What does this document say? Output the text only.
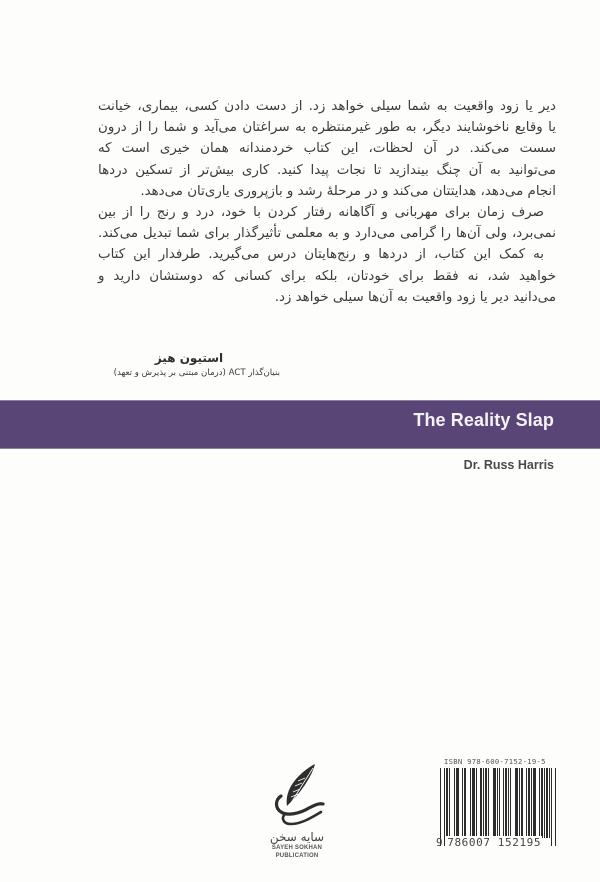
دیر یا زود واقعیت به شما سیلی خواهد زد. از دست دادن کسی، بیماری، خیانت
یا وقایع ناخوشایند دیگر، به طور غیرمنتظره به سراغتان می‌آید و شما را از درون
سست می‌کند. در آن لحظات، این کتاب خردمندانه همان خیری است که
می‌توانید به آن چنگ بیندازید تا نجات پیدا کنید. کاری بیش‌تر از تسکین دردها
انجام می‌دهد، هدایتتان می‌کند و در مرحلهٔ رشد و بازپروری یاری‌تان می‌دهد.
صرف زمان برای مهربانی و آگاهانه رفتار کردن با خود، درد و رنج را از بین
نمی‌برد، ولی آن‌ها را گرامی می‌دارد و به معلمی تأثیرگذار برای شما تبدیل می‌کند.
به کمک این کتاب، از دردها و رنج‌هایتان درس می‌گیرید. طرفدار این کتاب
خواهید شد، نه فقط برای خودتان، بلکه برای کسانی که دوستشان دارید و
می‌دانید دیر یا زود واقعیت به آن‌ها سیلی خواهد زد.
استیون هیز
بنیان‌گذار ACT (درمان مبتنی بر پذیرش و تعهد)
The Reality Slap
Dr. Russ Harris
سایه سخن
SAYEH SOKHAN
PUBLICATION
ISBN 978-600-7152-19-5
9 786007 152195
